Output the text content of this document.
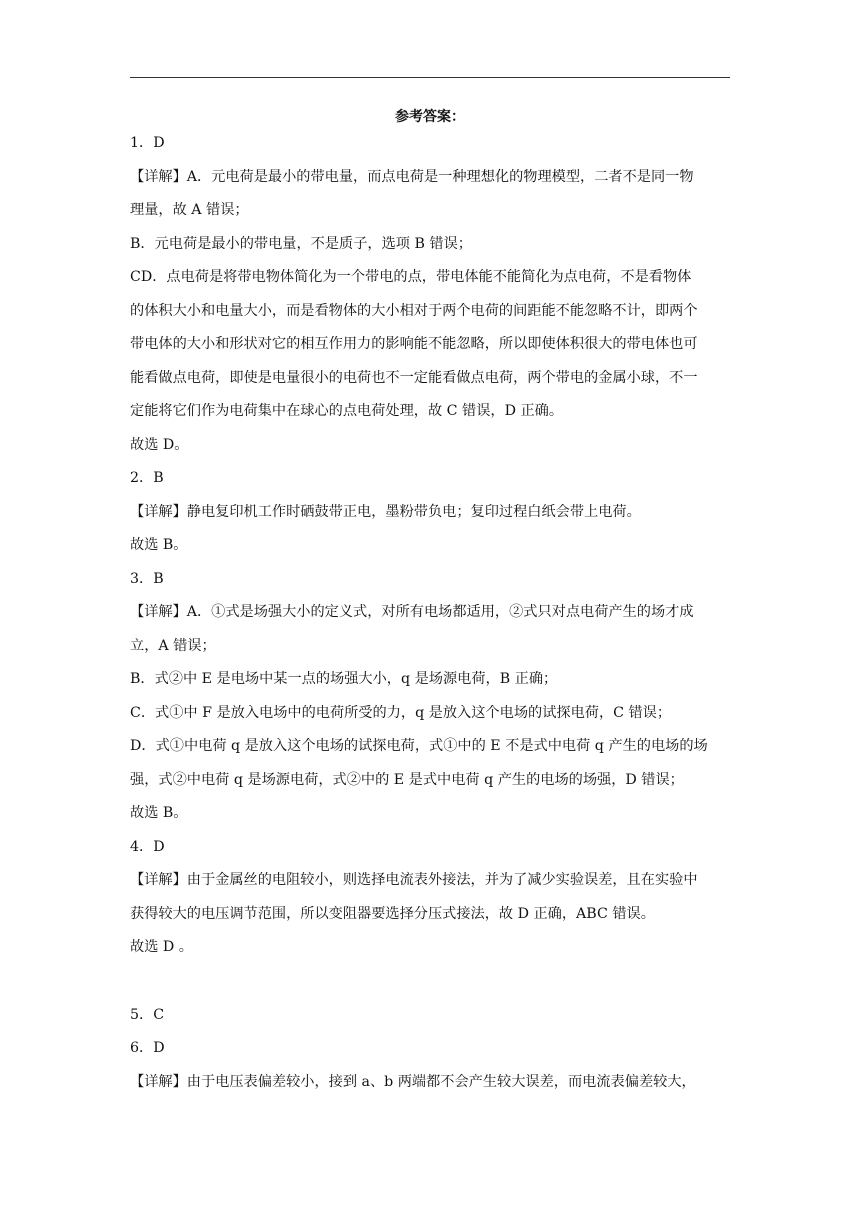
参考答案：
1．D
【详解】A．元电荷是最小的带电量，而点电荷是一种理想化的物理模型，二者不是同一物
理量，故 A 错误；
B．元电荷是最小的带电量，不是质子，选项 B 错误；
CD．点电荷是将带电物体简化为一个带电的点，带电体能不能简化为点电荷，不是看物体
的体积大小和电量大小，而是看物体的大小相对于两个电荷的间距能不能忽略不计，即两个
带电体的大小和形状对它的相互作用力的影响能不能忽略，所以即使体积很大的带电体也可
能看做点电荷，即使是电量很小的电荷也不一定能看做点电荷，两个带电的金属小球，不一
定能将它们作为电荷集中在球心的点电荷处理，故 C 错误，D 正确。
故选 D。
2．B
【详解】静电复印机工作时硒鼓带正电，墨粉带负电；复印过程白纸会带上电荷。
故选 B。
3．B
【详解】A．①式是场强大小的定义式，对所有电场都适用，②式只对点电荷产生的场才成
立，A 错误；
B．式②中 E 是电场中某一点的场强大小，q 是场源电荷，B 正确；
C．式①中 F 是放入电场中的电荷所受的力，q 是放入这个电场的试探电荷，C 错误；
D．式①中电荷 q 是放入这个电场的试探电荷，式①中的 E 不是式中电荷 q 产生的电场的场
强，式②中电荷 q 是场源电荷，式②中的 E 是式中电荷 q 产生的电场的场强，D 错误；
故选 B。
4．D
【详解】由于金属丝的电阻较小，则选择电流表外接法，并为了减少实验误差，且在实验中
获得较大的电压调节范围，所以变阻器要选择分压式接法，故 D 正确，ABC 错误。
故选 D 。
5．C
6．D
【详解】由于电压表偏差较小，接到 a、b 两端都不会产生较大误差，而电流表偏差较大，
